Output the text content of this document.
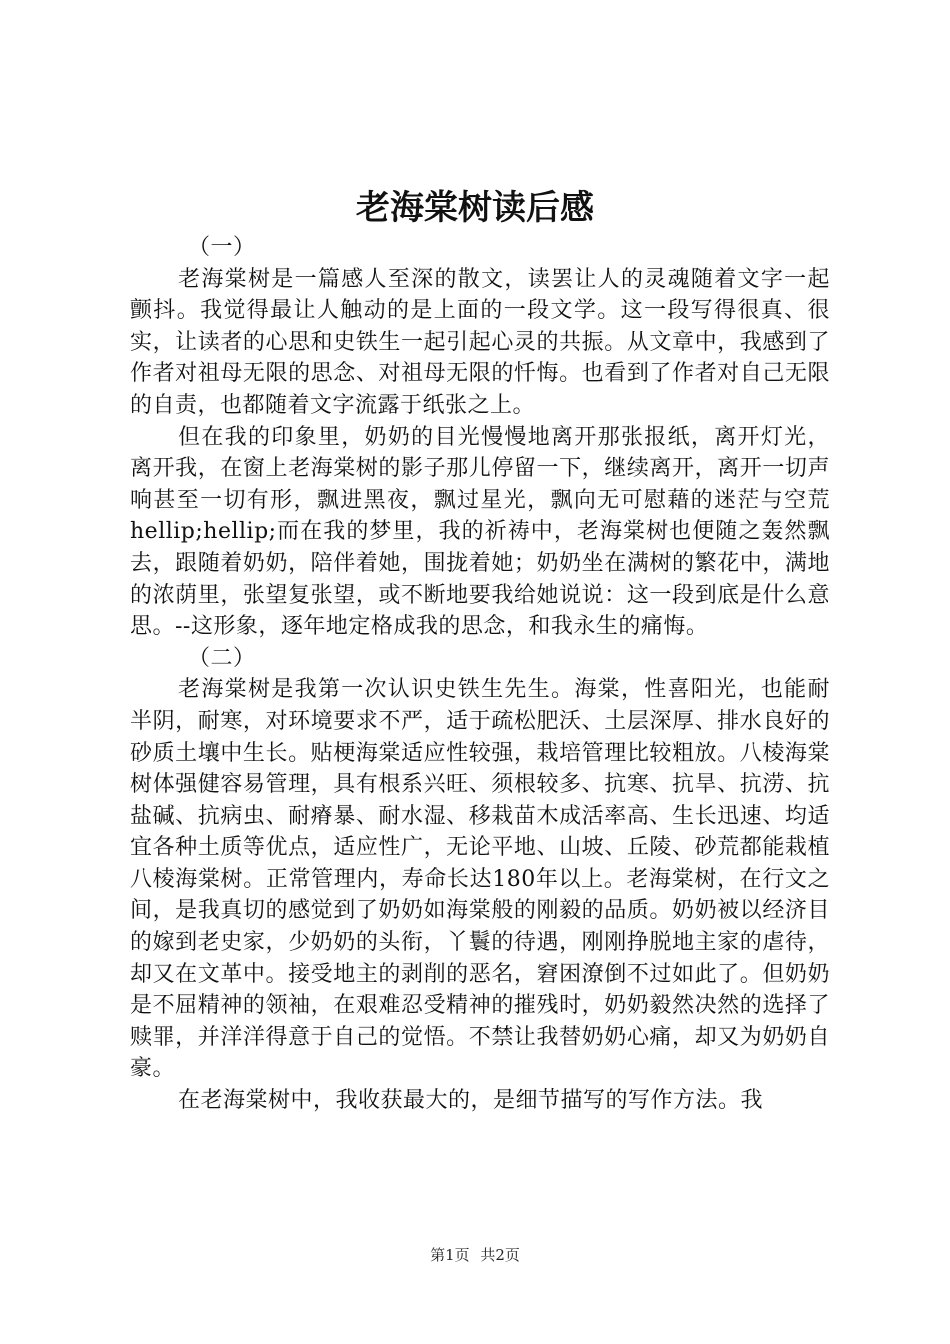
老海棠树读后感

（一）

老海棠树是一篇感人至深的散文，读罢让人的灵魂随着文字一起颤抖。我觉得最让人触动的是上面的一段文学。这一段写得很真、很实，让读者的心思和史铁生一起引起心灵的共振。从文章中，我感到了作者对祖母无限的思念、对祖母无限的忏悔。也看到了作者对自己无限的自责，也都随着文字流露于纸张之上。

但在我的印象里，奶奶的目光慢慢地离开那张报纸，离开灯光，离开我，在窗上老海棠树的影子那儿停留一下，继续离开，离开一切声响甚至一切有形，飘进黑夜，飘过星光，飘向无可慰藉的迷茫与空荒hellip;hellip;而在我的梦里，我的祈祷中，老海棠树也便随之轰然飘去，跟随着奶奶，陪伴着她，围拢着她；奶奶坐在满树的繁花中，满地的浓荫里，张望复张望，或不断地要我给她说说：这一段到底是什么意思。--这形象，逐年地定格成我的思念，和我永生的痛悔。

（二）

老海棠树是我第一次认识史铁生先生。海棠，性喜阳光，也能耐半阴，耐寒，对环境要求不严，适于疏松肥沃、土层深厚、排水良好的砂质土壤中生长。贴梗海棠适应性较强，栽培管理比较粗放。八棱海棠树体强健容易管理，具有根系兴旺、须根较多、抗寒、抗旱、抗涝、抗盐碱、抗病虫、耐瘠暴、耐水湿、移栽苗木成活率高、生长迅速、均适宜各种土质等优点，适应性广，无论平地、山坡、丘陵、砂荒都能栽植八棱海棠树。正常管理内，寿命长达180年以上。老海棠树，在行文之间，是我真切的感觉到了奶奶如海棠般的刚毅的品质。奶奶被以经济目的嫁到老史家，少奶奶的头衔，丫鬟的待遇，刚刚挣脱地主家的虐待，却又在文革中。接受地主的剥削的恶名，窘困潦倒不过如此了。但奶奶是不屈精神的领袖，在艰难忍受精神的摧残时，奶奶毅然决然的选择了赎罪，并洋洋得意于自己的觉悟。不禁让我替奶奶心痛，却又为奶奶自豪。

在老海棠树中，我收获最大的，是细节描写的写作方法。我

第1页 共2页
